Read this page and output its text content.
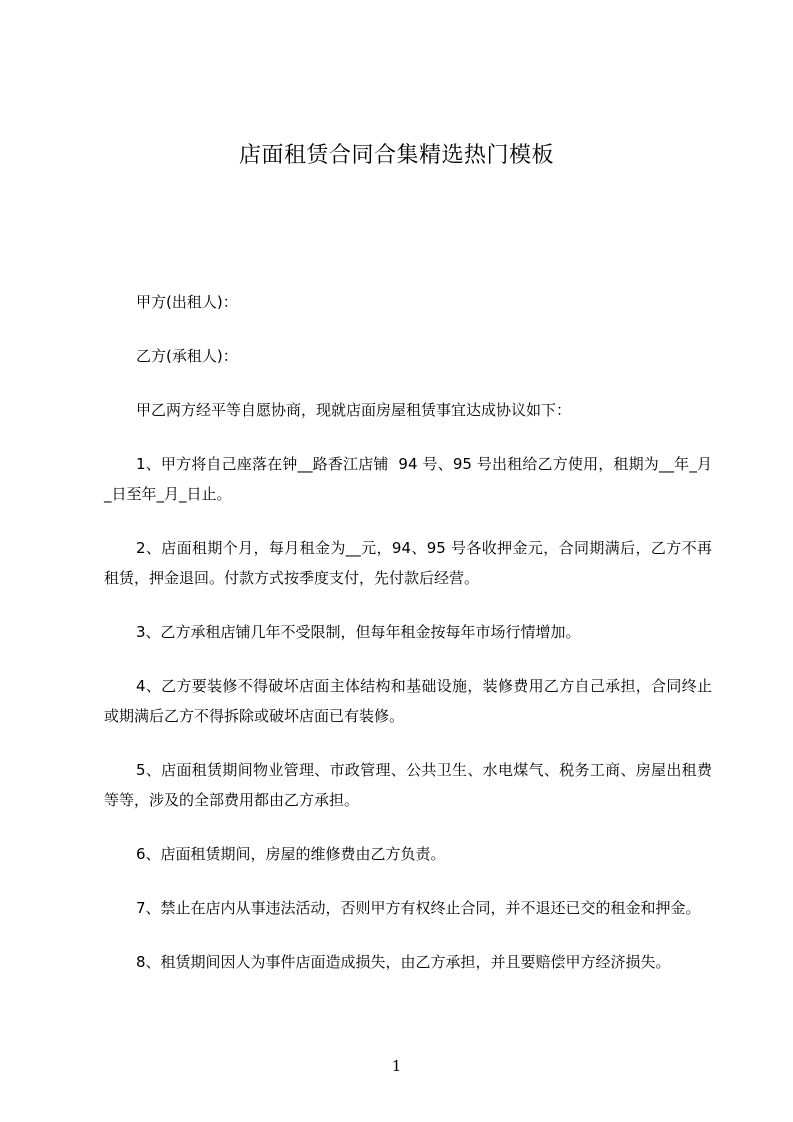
店面租赁合同合集精选热门模板

甲方(出租人)：

乙方(承租人)：

甲乙两方经平等自愿协商，现就店面房屋租赁事宜达成协议如下：

1、甲方将自己座落在钟__路香江店铺  94 号、95 号出租给乙方使用，租期为__年_月_日至年_月_日止。

2、店面租期个月，每月租金为__元，94、95 号各收押金元，合同期满后，乙方不再租赁，押金退回。付款方式按季度支付，先付款后经营。

3、乙方承租店铺几年不受限制，但每年租金按每年市场行情增加。

4、乙方要装修不得破坏店面主体结构和基础设施，装修费用乙方自己承担，合同终止或期满后乙方不得拆除或破坏店面已有装修。

5、店面租赁期间物业管理、市政管理、公共卫生、水电煤气、税务工商、房屋出租费等等，涉及的全部费用都由乙方承担。

6、店面租赁期间，房屋的维修费由乙方负责。

7、禁止在店内从事违法活动，否则甲方有权终止合同，并不退还已交的租金和押金。

8、租赁期间因人为事件店面造成损失，由乙方承担，并且要赔偿甲方经济损失。

1
